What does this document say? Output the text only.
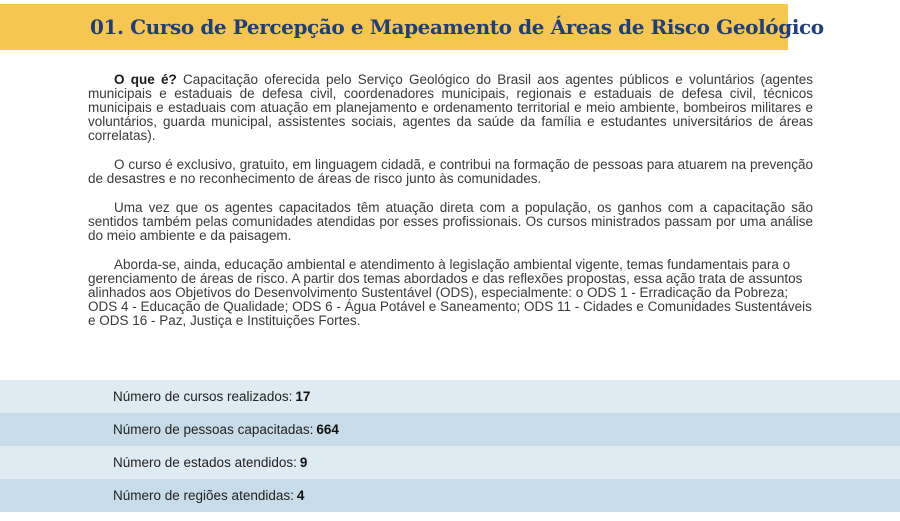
01. Curso de Percepção e Mapeamento de Áreas de Risco Geológico

O que é? Capacitação oferecida pelo Serviço Geológico do Brasil aos agentes públicos e voluntários (agentes municipais e estaduais de defesa civil, coordenadores municipais, regionais e estaduais de defesa civil, técnicos municipais e estaduais com atuação em planejamento e ordenamento territorial e meio ambiente, bombeiros militares e voluntários, guarda municipal, assistentes sociais, agentes da saúde da família e estudantes universitários de áreas correlatas).

O curso é exclusivo, gratuito, em linguagem cidadã, e contribui na formação de pessoas para atuarem na prevenção de desastres e no reconhecimento de áreas de risco junto às comunidades.

Uma vez que os agentes capacitados têm atuação direta com a população, os ganhos com a capacitação são sentidos também pelas comunidades atendidas por esses profissionais. Os cursos ministrados passam por uma análise do meio ambiente e da paisagem.

Aborda-se, ainda, educação ambiental e atendimento à legislação ambiental vigente, temas fundamentais para o gerenciamento de áreas de risco. A partir dos temas abordados e das reflexões propostas, essa ação trata de assuntos alinhados aos Objetivos do Desenvolvimento Sustentável (ODS), especialmente: o ODS 1 - Erradicação da Pobreza; ODS 4 - Educação de Qualidade; ODS 6 - Água Potável e Saneamento; ODS 11 - Cidades e Comunidades Sustentáveis e ODS 16 - Paz, Justiça e Instituições Fortes.

Número de cursos realizados: 17
Número de pessoas capacitadas: 664
Número de estados atendidos: 9
Número de regiões atendidas: 4
